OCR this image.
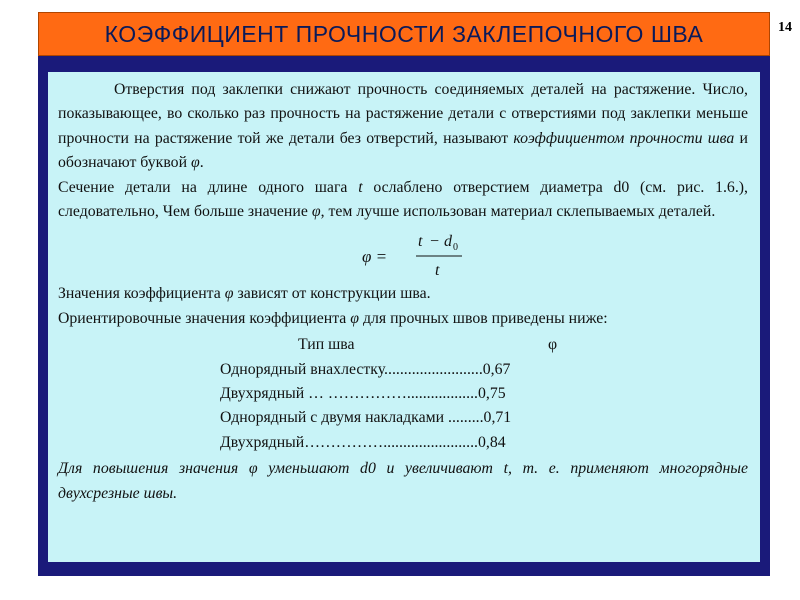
КОЭФФИЦИЕНТ ПРОЧНОСТИ ЗАКЛЕПОЧНОГО ШВА	14

Отверстия под заклепки снижают прочность соединяемых деталей на растяжение. Число, показывающее, во сколько раз прочность на растяжение детали с отверстиями под заклепки меньше прочности на растяжение той же детали без отверстий, называют коэффициентом прочности шва и обозначают буквой φ.

Сечение детали на длине одного шага t ослаблено отверстием диаметра d0 (см. рис. 1.6.), следовательно, Чем больше значение φ, тем лучше использован материал склепываемых деталей.

φ =
t − d 0
t

Значения коэффициента φ зависят от конструкции шва.

Ориентировочные значения коэффициента φ для прочных швов приведены ниже:

Тип шва	φ
Однорядный внахлестку.........................0,67
Двухрядный … ……………..................0,75
Однорядный с двумя накладками .........0,71
Двухрядный……………........................0,84

Для повышения значения φ уменьшают d0 и увеличивают t, т. е. применяют многорядные двухсрезные швы.
